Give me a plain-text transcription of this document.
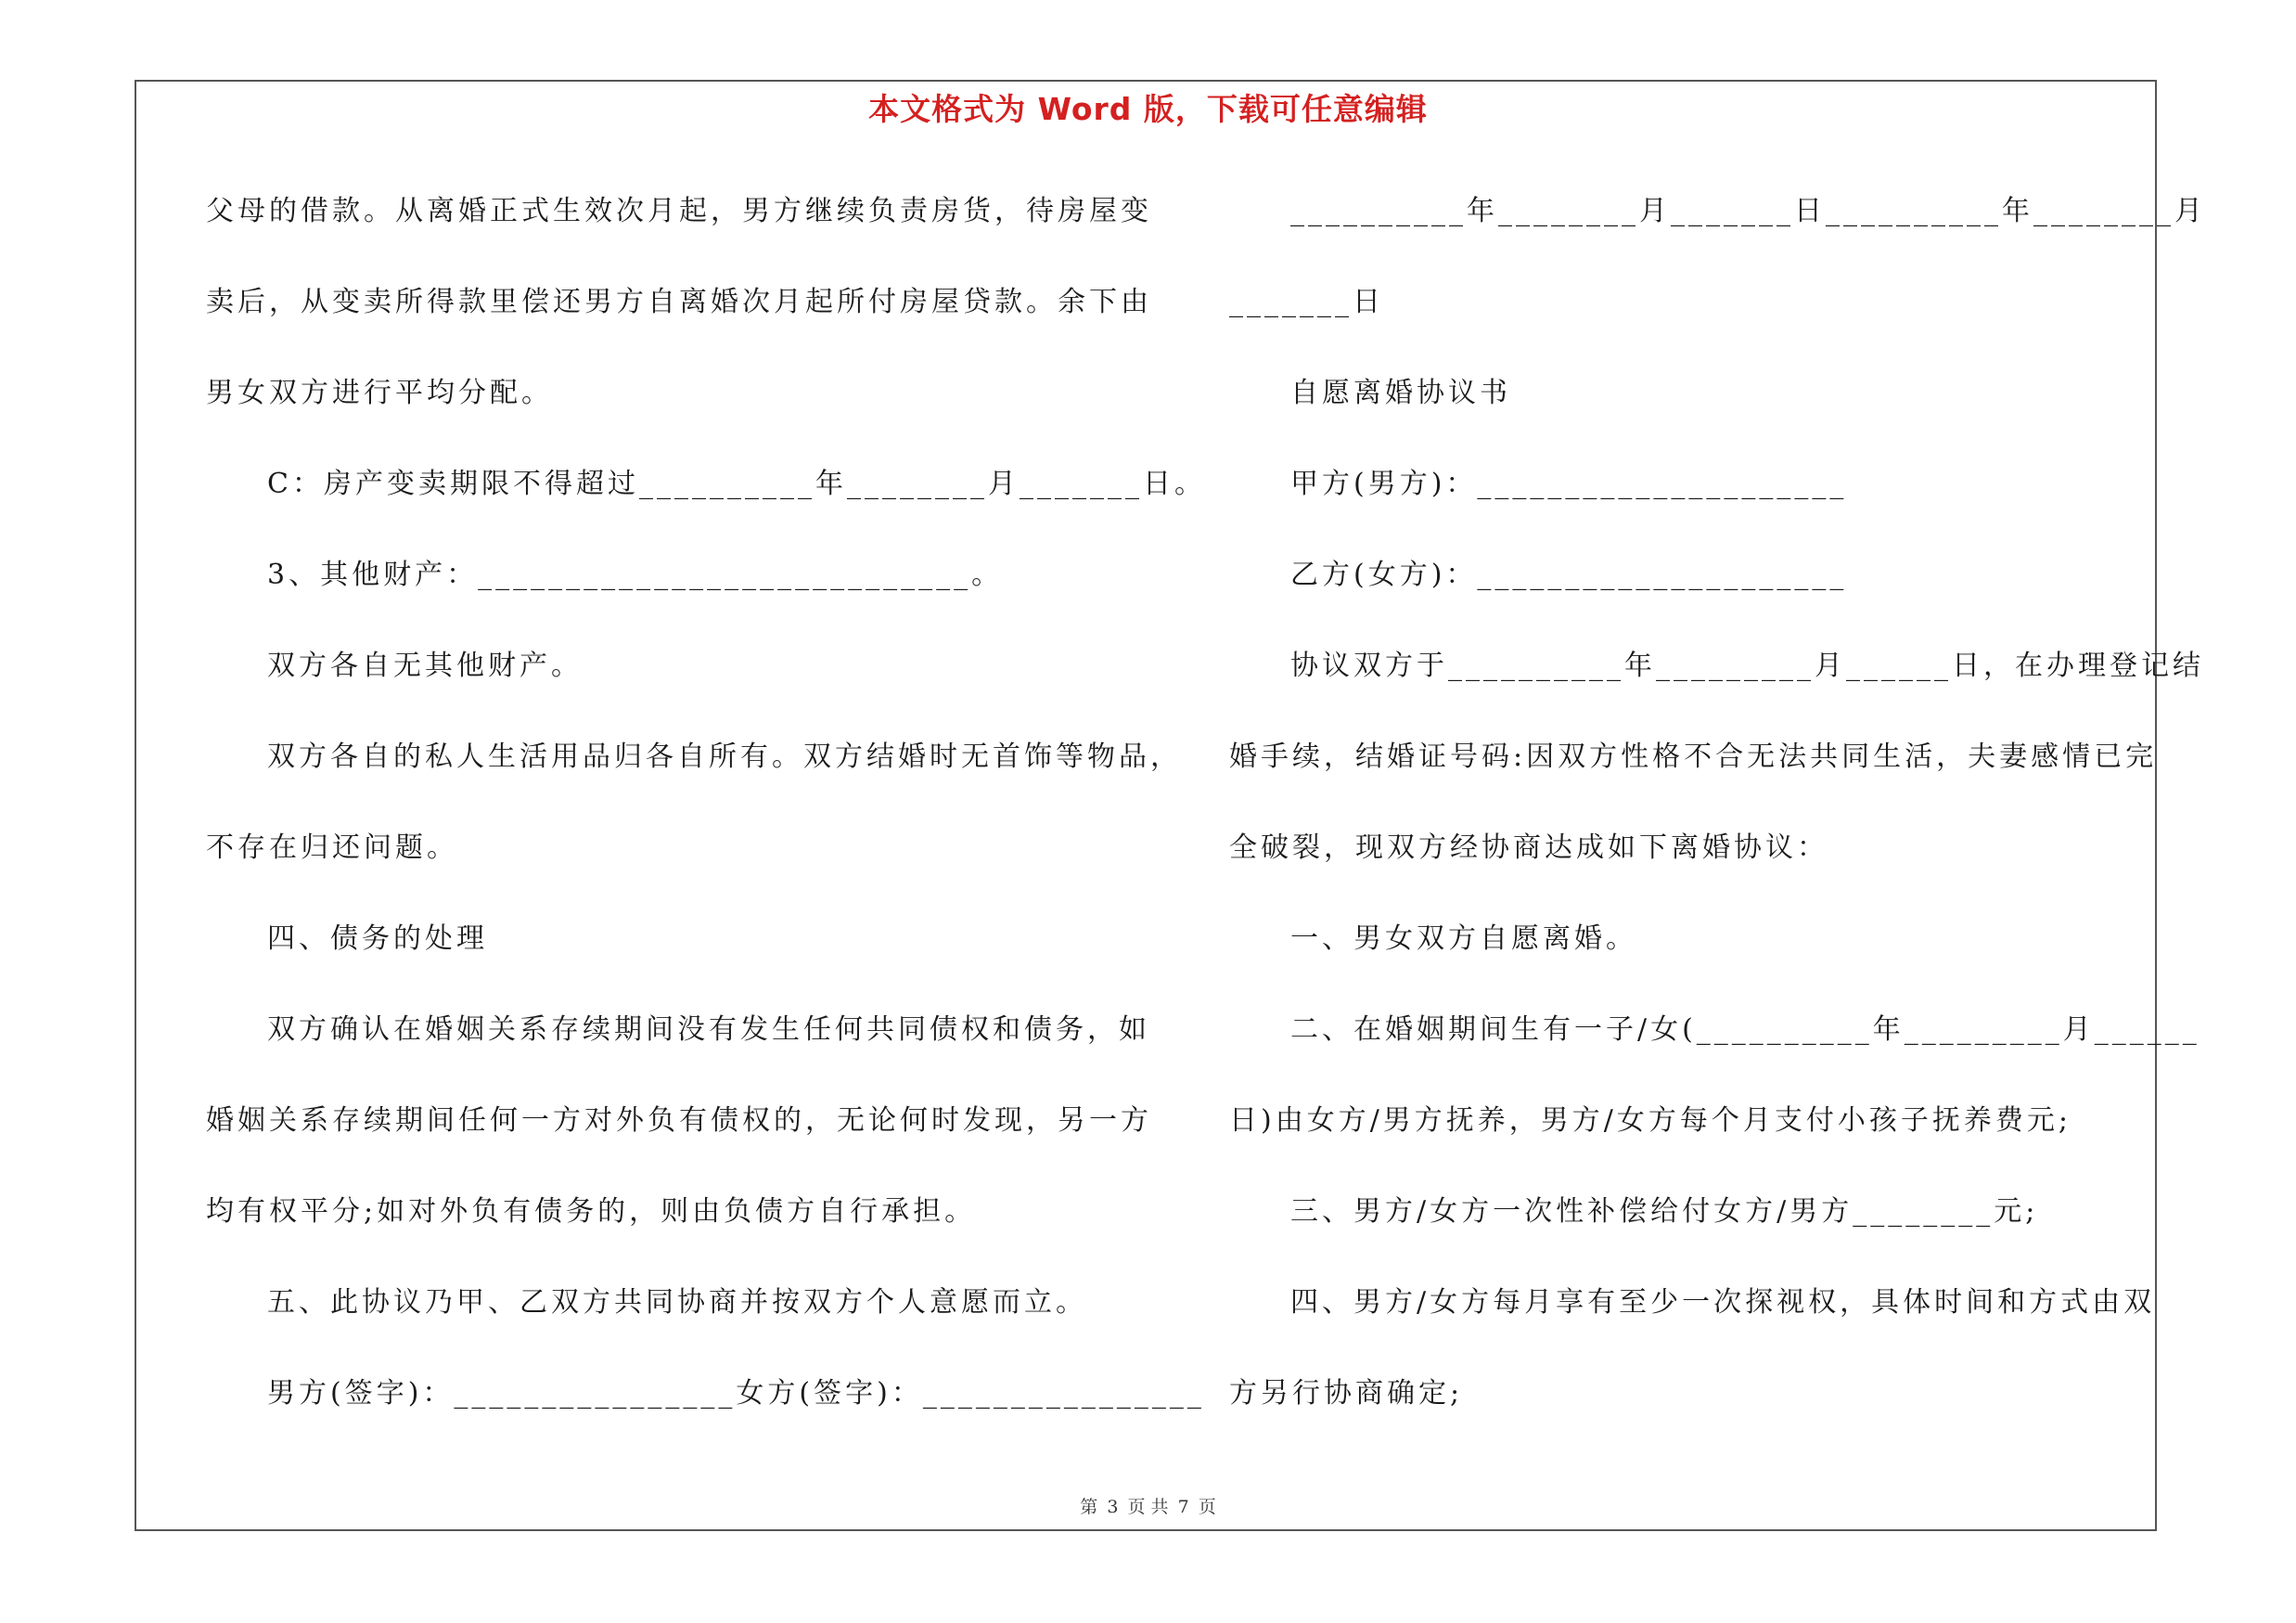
本文格式为 Word 版，下载可任意编辑
父母的借款。从离婚正式生效次月起，男方继续负责房货，待房屋变
卖后，从变卖所得款里偿还男方自离婚次月起所付房屋贷款。余下由
男女双方进行平均分配。
C：房产变卖期限不得超过__________年________月_______日。
3、其他财产：____________________________。
双方各自无其他财产。
双方各自的私人生活用品归各自所有。双方结婚时无首饰等物品，
不存在归还问题。
四、债务的处理
双方确认在婚姻关系存续期间没有发生任何共同债权和债务，如
婚姻关系存续期间任何一方对外负有债权的，无论何时发现，另一方
均有权平分;如对外负有债务的，则由负债方自行承担。
五、此协议乃甲、乙双方共同协商并按双方个人意愿而立。
男方(签字)：________________女方(签字)：________________
__________年________月_______日__________年________月
_______日
自愿离婚协议书
甲方(男方)：_____________________
乙方(女方)：_____________________
协议双方于__________年_________月______日，在办理登记结
婚手续，结婚证号码:因双方性格不合无法共同生活，夫妻感情已完
全破裂，现双方经协商达成如下离婚协议：
一、男女双方自愿离婚。
二、在婚姻期间生有一子/女(__________年_________月______
日)由女方/男方抚养，男方/女方每个月支付小孩子抚养费元;
三、男方/女方一次性补偿给付女方/男方________元;
四、男方/女方每月享有至少一次探视权，具体时间和方式由双
方另行协商确定;
第 3 页 共 7 页
